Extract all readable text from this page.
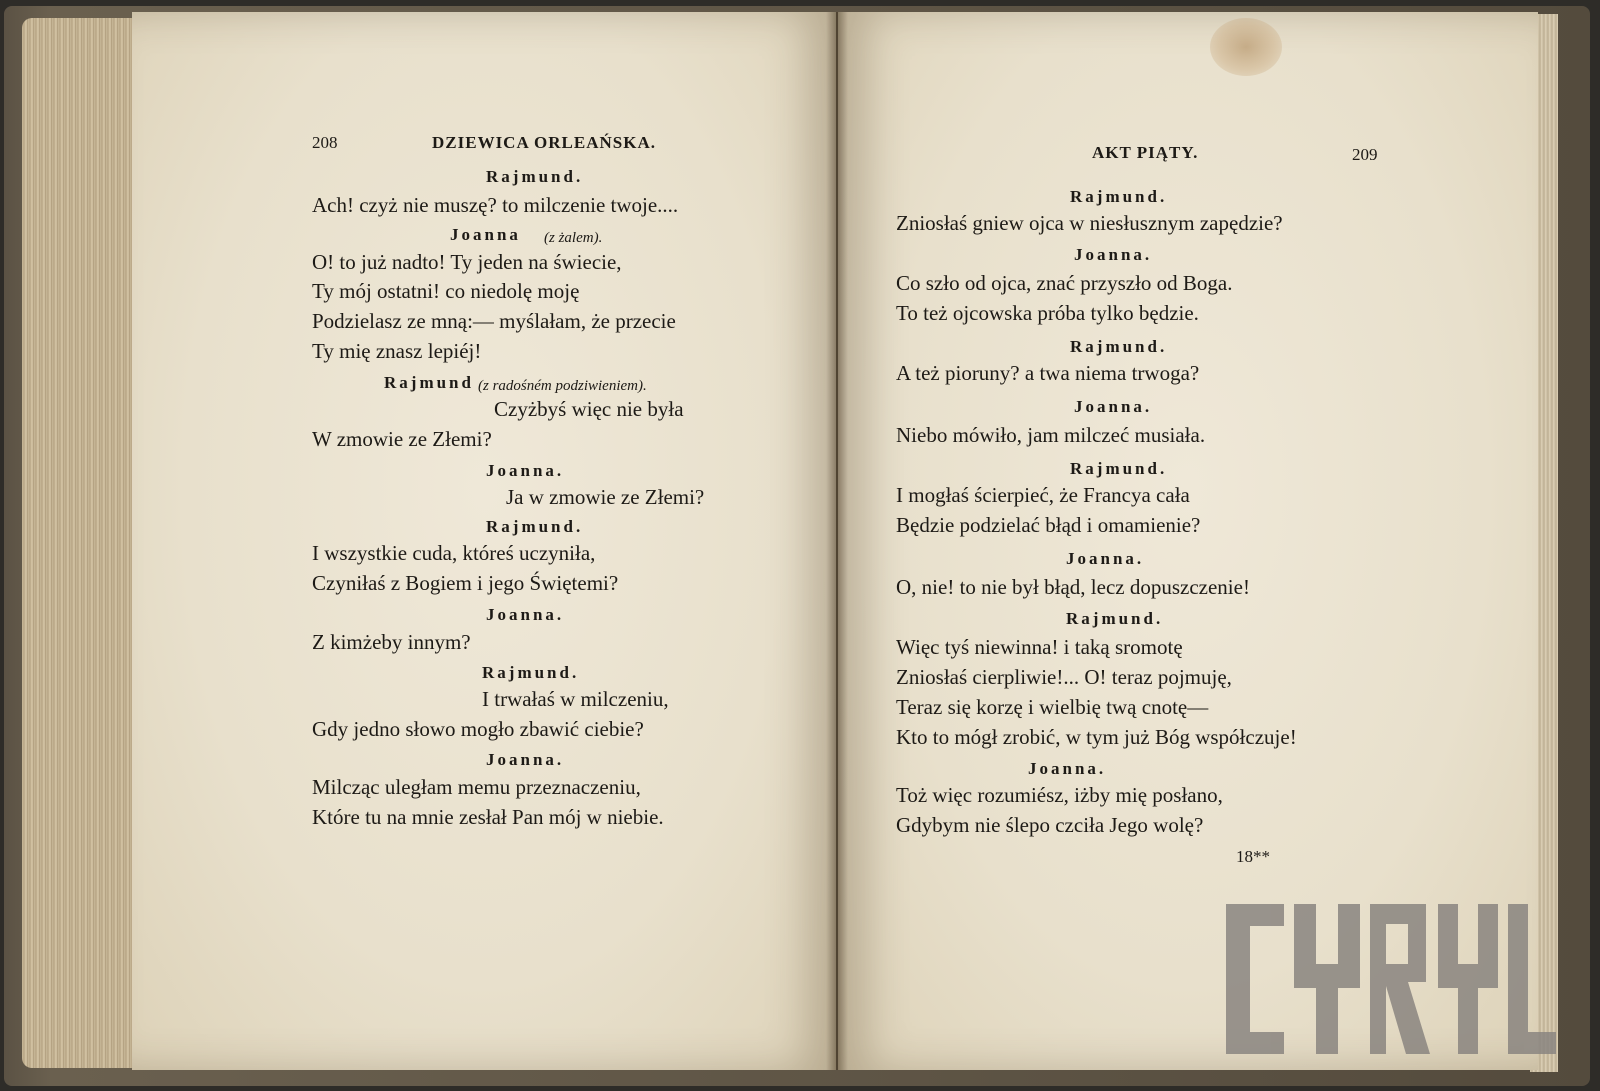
208	DZIEWICA ORLEAŃSKA.
Rajmund.
Ach! czyż nie muszę? to milczenie twoje....
Joanna (z żalem).
O! to już nadto! Ty jeden na świecie,
Ty mój ostatni! co niedolę moję
Podzielasz ze mną:— myślałam, że przecie
Ty mię znasz lepiéj!
Rajmund (z radośném podziwieniem).
Czyżbyś więc nie była
W zmowie ze Złemi?
Joanna.
Ja w zmowie ze Złemi?
Rajmund.
I wszystkie cuda, któreś uczyniła,
Czyniłaś z Bogiem i jego Świętemi?
Joanna.
Z kimżeby innym?
Rajmund.
I trwałaś w milczeniu,
Gdy jedno słowo mogło zbawić ciebie?
Joanna.
Milcząc uległam memu przeznaczeniu,
Które tu na mnie zesłał Pan mój w niebie.
AKT PIĄTY.	209
Rajmund.
Zniosłaś gniew ojca w niesłusznym zapędzie?
Joanna.
Co szło od ojca, znać przyszło od Boga.
To też ojcowska próba tylko będzie.
Rajmund.
A też pioruny? a twa niema trwoga?
Joanna.
Niebo mówiło, jam milczeć musiała.
Rajmund.
I mogłaś ścierpieć, że Francya cała
Będzie podzielać błąd i omamienie?
Joanna.
O, nie! to nie był błąd, lecz dopuszczenie!
Rajmund.
Więc tyś niewinna! i taką sromotę
Zniosłaś cierpliwie!... O! teraz pojmuję,
Teraz się korzę i wielbię twą cnotę—
Kto to mógł zrobić, w tym już Bóg współczuje!
Joanna.
Toż więc rozumiész, iżby mię posłano,
Gdybym nie ślepo czciła Jego wolę?
18**
